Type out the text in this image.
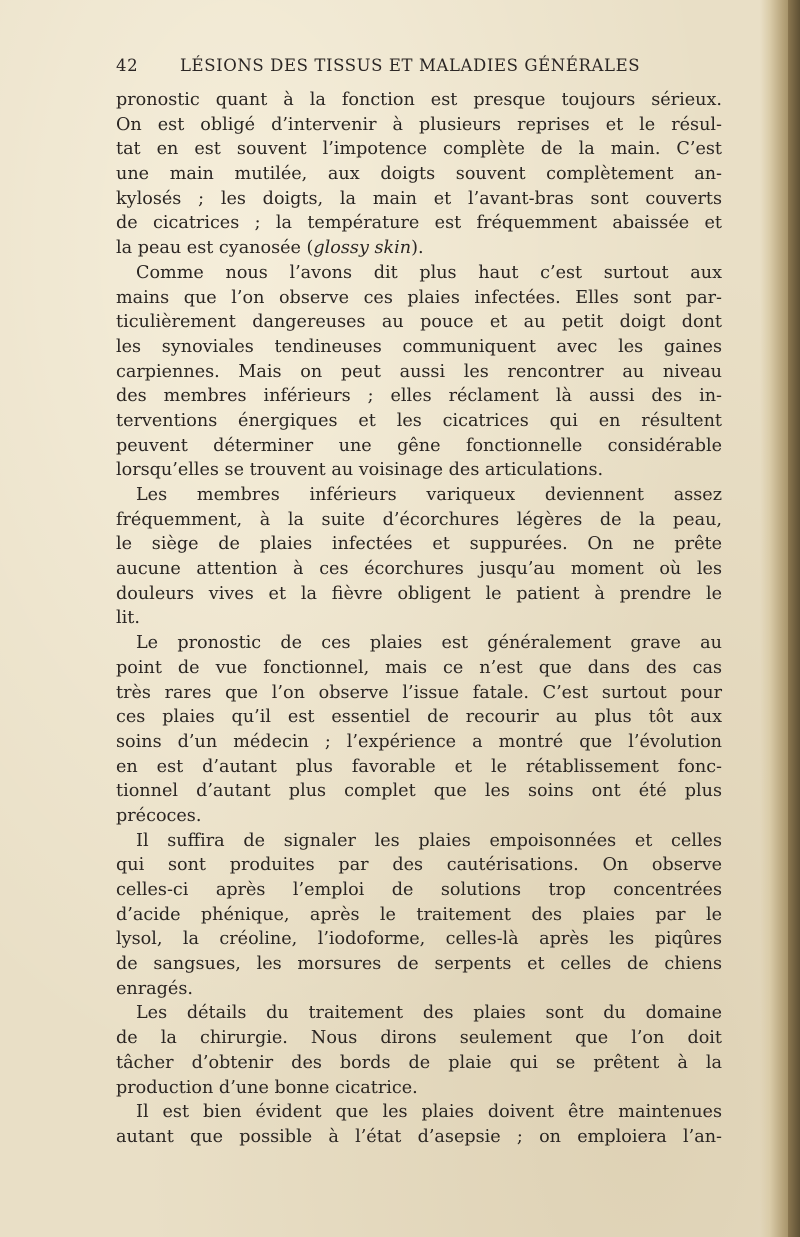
42	LÉSIONS DES TISSUS ET MALADIES GÉNÉRALES
pronostic quant à la fonction est presque toujours sérieux.
On est obligé d’intervenir à plusieurs reprises et le résul-
tat en est souvent l’impotence complète de la main. C’est
une main mutilée, aux doigts souvent complètement an-
kylosés ; les doigts, la main et l’avant-bras sont couverts
de cicatrices ; la température est fréquemment abaissée et
la peau est cyanosée (glossy skin).
Comme nous l’avons dit plus haut c’est surtout aux
mains que l’on observe ces plaies infectées. Elles sont par-
ticulièrement dangereuses au pouce et au petit doigt dont
les synoviales tendineuses communiquent avec les gaines
carpiennes. Mais on peut aussi les rencontrer au niveau
des membres inférieurs ; elles réclament là aussi des in-
terventions énergiques et les cicatrices qui en résultent
peuvent déterminer une gêne fonctionnelle considérable
lorsqu’elles se trouvent au voisinage des articulations.
Les membres inférieurs variqueux deviennent assez
fréquemment, à la suite d’écorchures légères de la peau,
le siège de plaies infectées et suppurées. On ne prête
aucune attention à ces écorchures jusqu’au moment où les
douleurs vives et la fièvre obligent le patient à prendre le
lit.
Le pronostic de ces plaies est généralement grave au
point de vue fonctionnel, mais ce n’est que dans des cas
très rares que l’on observe l’issue fatale. C’est surtout pour
ces plaies qu’il est essentiel de recourir au plus tôt aux
soins d’un médecin ; l’expérience a montré que l’évolution
en est d’autant plus favorable et le rétablissement fonc-
tionnel d’autant plus complet que les soins ont été plus
précoces.
Il suffira de signaler les plaies empoisonnées et celles
qui sont produites par des cautérisations. On observe
celles-ci après l’emploi de solutions trop concentrées
d’acide phénique, après le traitement des plaies par le
lysol, la créoline, l’iodoforme, celles-là après les piqûres
de sangsues, les morsures de serpents et celles de chiens
enragés.
Les détails du traitement des plaies sont du domaine
de la chirurgie. Nous dirons seulement que l’on doit
tâcher d’obtenir des bords de plaie qui se prêtent à la
production d’une bonne cicatrice.
Il est bien évident que les plaies doivent être maintenues
autant que possible à l’état d’asepsie ; on emploiera l’an-
